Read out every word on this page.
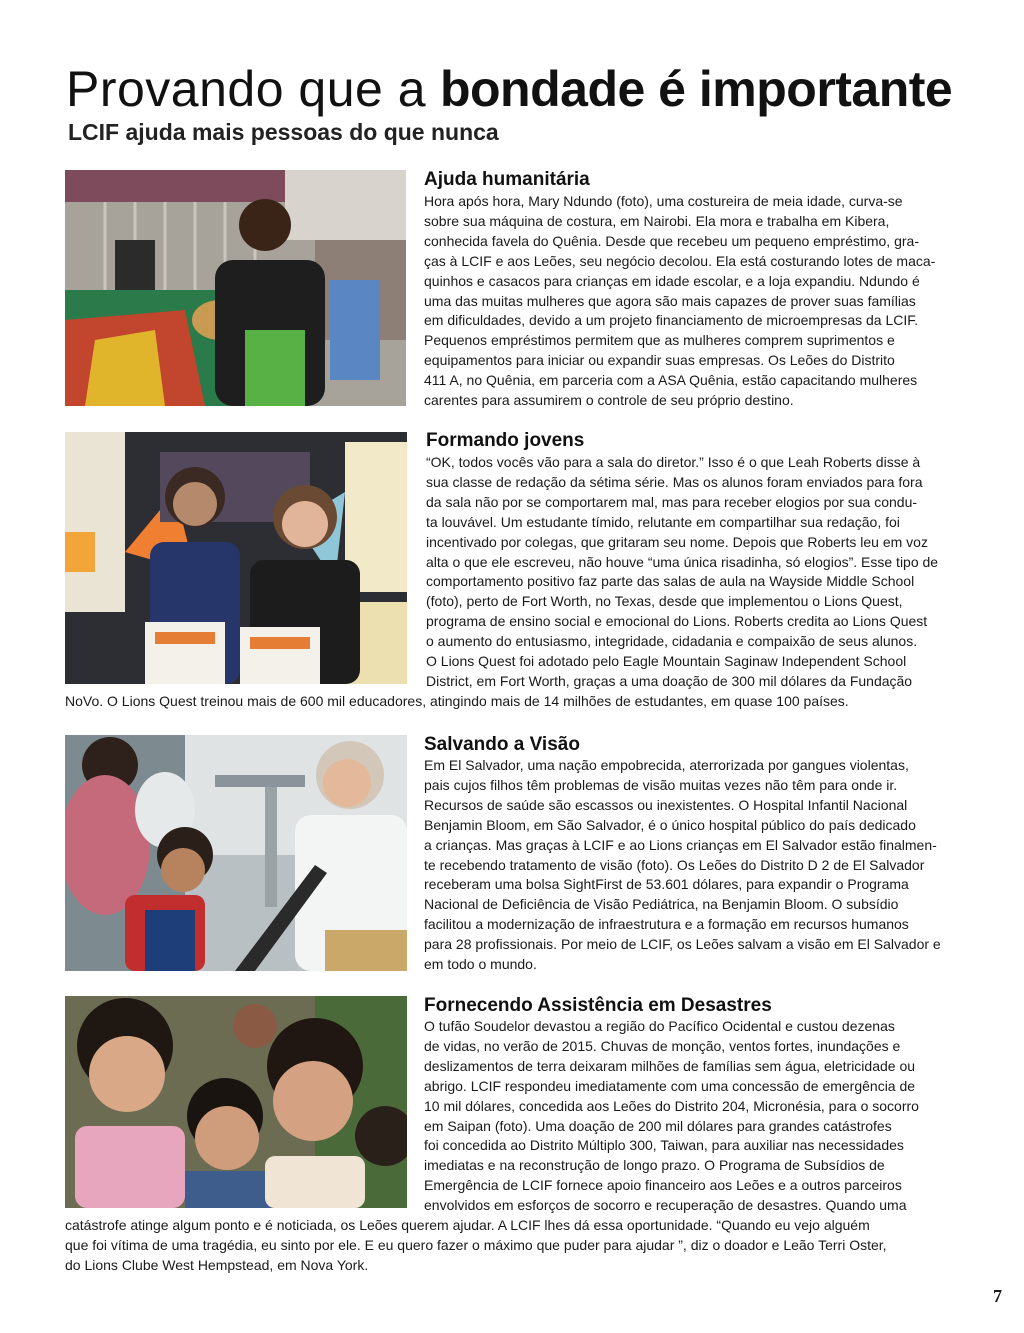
Provando que a bondade é importante
LCIF ajuda mais pessoas do que nunca
Ajuda humanitária

Hora após hora, Mary Ndundo (foto), uma costureira de meia idade, curva-se
sobre sua máquina de costura, em Nairobi. Ela mora e trabalha em Kibera,
conhecida favela do Quênia. Desde que recebeu um pequeno empréstimo, gra-
ças à LCIF e aos Leões, seu negócio decolou. Ela está costurando lotes de maca-
quinhos e casacos para crianças em idade escolar, e a loja expandiu. Ndundo é
uma das muitas mulheres que agora são mais capazes de prover suas famílias
em dificuldades, devido a um projeto financiamento de microempresas da LCIF.
Pequenos empréstimos permitem que as mulheres comprem suprimentos e
equipamentos para iniciar ou expandir suas empresas. Os Leões do Distrito
411 A, no Quênia, em parceria com a ASA Quênia, estão capacitando mulheres
carentes para assumirem o controle de seu próprio destino.

Formando jovens

“OK, todos vocês vão para a sala do diretor.” Isso é o que Leah Roberts disse à
sua classe de redação da sétima série. Mas os alunos foram enviados para fora
da sala não por se comportarem mal, mas para receber elogios por sua condu-
ta louvável. Um estudante tímido, relutante em compartilhar sua redação, foi
incentivado por colegas, que gritaram seu nome. Depois que Roberts leu em voz
alta o que ele escreveu, não houve “uma única risadinha, só elogios”. Esse tipo de
comportamento positivo faz parte das salas de aula na Wayside Middle School
(foto), perto de Fort Worth, no Texas, desde que implementou o Lions Quest,
programa de ensino social e emocional do Lions. Roberts credita ao Lions Quest
o aumento do entusiasmo, integridade, cidadania e compaixão de seus alunos.
O Lions Quest foi adotado pelo Eagle Mountain Saginaw Independent School
District, em Fort Worth, graças a uma doação de 300 mil dólares da Fundação

NoVo. O Lions Quest treinou mais de 600 mil educadores, atingindo mais de 14 milhões de estudantes, em quase 100 países.

Salvando a Visão

Em El Salvador, uma nação empobrecida, aterrorizada por gangues violentas,
pais cujos filhos têm problemas de visão muitas vezes não têm para onde ir.
Recursos de saúde são escassos ou inexistentes. O Hospital Infantil Nacional
Benjamin Bloom, em São Salvador, é o único hospital público do país dedicado
a crianças. Mas graças à LCIF e ao Lions crianças em El Salvador estão finalmen-
te recebendo tratamento de visão (foto). Os Leões do Distrito D 2 de El Salvador
receberam uma bolsa SightFirst de 53.601 dólares, para expandir o Programa
Nacional de Deficiência de Visão Pediátrica, na Benjamin Bloom. O subsídio
facilitou a modernização de infraestrutura e a formação em recursos humanos
para 28 profissionais. Por meio de LCIF, os Leões salvam a visão em El Salvador e
em todo o mundo.

Fornecendo Assistência em Desastres

O tufão Soudelor devastou a região do Pacífico Ocidental e custou dezenas
de vidas, no verão de 2015. Chuvas de monção, ventos fortes, inundações e
deslizamentos de terra deixaram milhões de famílias sem água, eletricidade ou
abrigo. LCIF respondeu imediatamente com uma concessão de emergência de
10 mil dólares, concedida aos Leões do Distrito 204, Micronésia, para o socorro
em Saipan (foto). Uma doação de 200 mil dólares para grandes catástrofes
foi concedida ao Distrito Múltiplo 300, Taiwan, para auxiliar nas necessidades
imediatas e na reconstrução de longo prazo. O Programa de Subsídios de
Emergência de LCIF fornece apoio financeiro aos Leões e a outros parceiros
envolvidos em esforços de socorro e recuperação de desastres. Quando uma

catástrofe atinge algum ponto e é noticiada, os Leões querem ajudar. A LCIF lhes dá essa oportunidade. “Quando eu vejo alguém
que foi vítima de uma tragédia, eu sinto por ele. E eu quero fazer o máximo que puder para ajudar ”, diz o doador e Leão Terri Oster,
do Lions Clube West Hempstead, em Nova York.

7
